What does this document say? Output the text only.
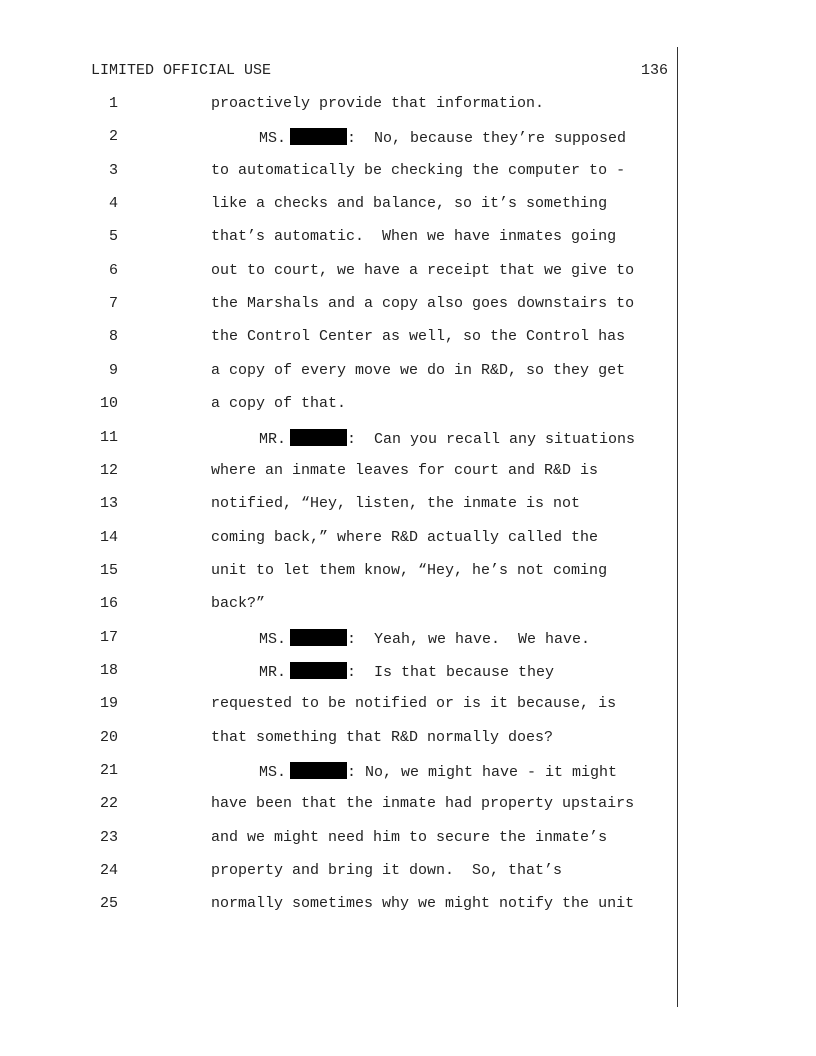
LIMITED OFFICIAL USE	136
1	proactively provide that information.
2	MS.	:  No, because they’re supposed
3	to automatically be checking the computer to -
4	like a checks and balance, so it’s something
5	that’s automatic.  When we have inmates going
6	out to court, we have a receipt that we give to
7	the Marshals and a copy also goes downstairs to
8	the Control Center as well, so the Control has
9	a copy of every move we do in R&D, so they get
10	a copy of that.
11	MR.	:  Can you recall any situations
12	where an inmate leaves for court and R&D is
13	notified, “Hey, listen, the inmate is not
14	coming back,” where R&D actually called the
15	unit to let them know, “Hey, he’s not coming
16	back?”
17	MS.	:  Yeah, we have.  We have.
18	MR.	:  Is that because they
19	requested to be notified or is it because, is
20	that something that R&D normally does?
21	MS.	: No, we might have - it might
22	have been that the inmate had property upstairs
23	and we might need him to secure the inmate’s
24	property and bring it down.  So, that’s
25	normally sometimes why we might notify the unit
